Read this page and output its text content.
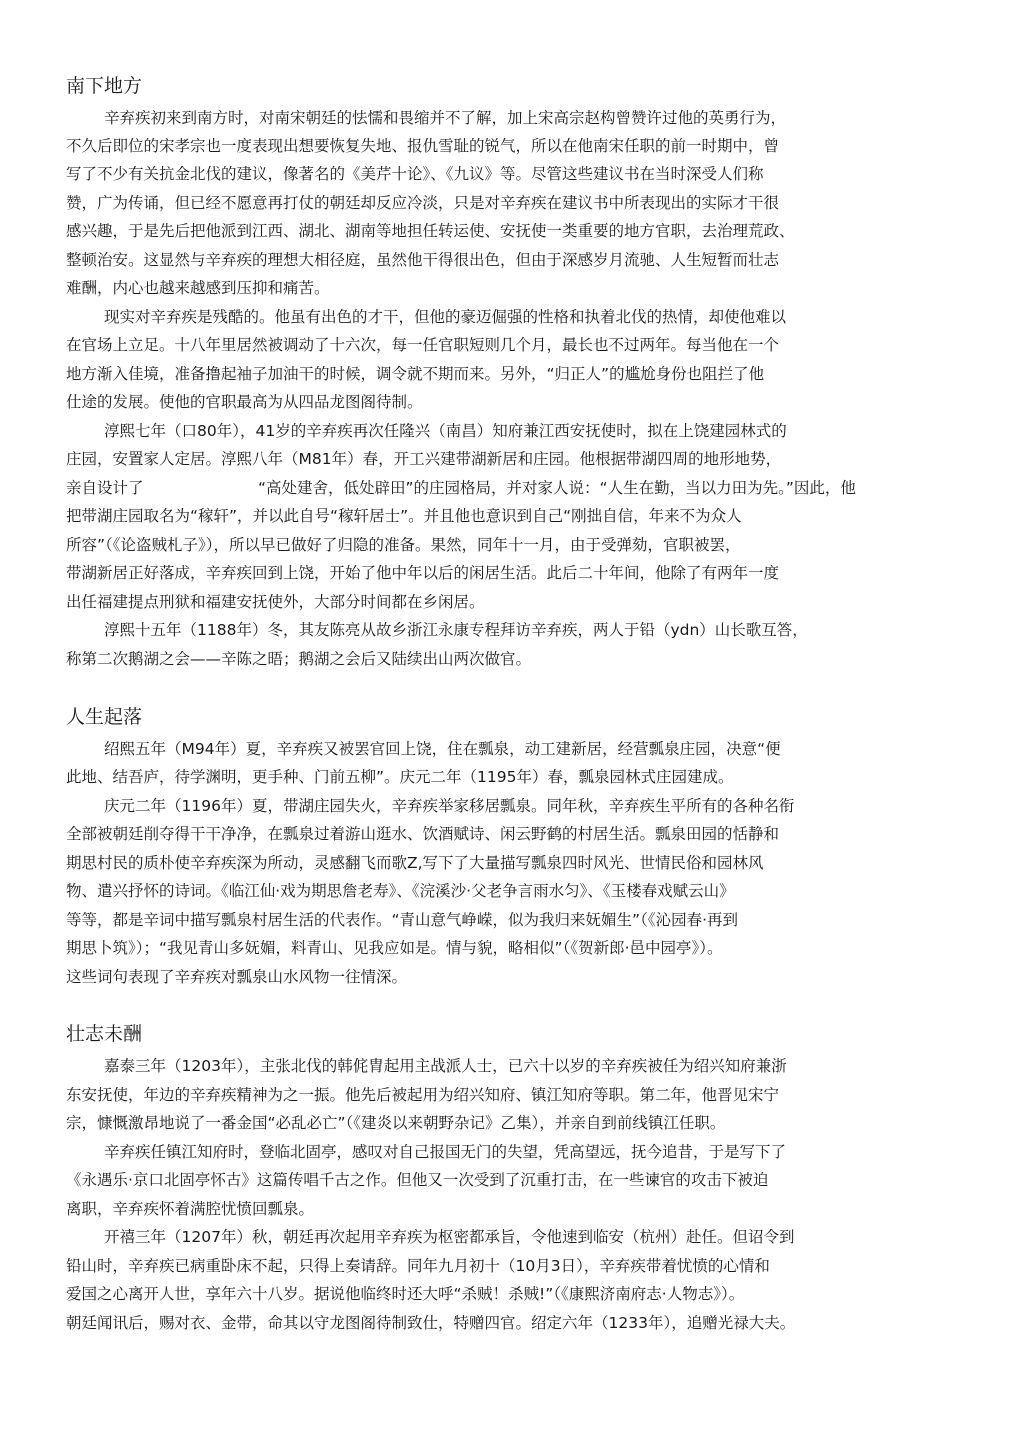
南下地方

辛弃疾初来到南方时，对南宋朝廷的怯懦和畏缩并不了解，加上宋高宗赵构曾赞许过他的英勇行为，

不久后即位的宋孝宗也一度表现出想要恢复失地、报仇雪耻的锐气，所以在他南宋任职的前一时期中，曾

写了不少有关抗金北伐的建议，像著名的《美芹十论》、《九议》等。尽管这些建议书在当时深受人们称

赞，广为传诵，但已经不愿意再打仗的朝廷却反应冷淡，只是对辛弃疾在建议书中所表现出的实际才干很

感兴趣，于是先后把他派到江西、湖北、湖南等地担任转运使、安抚使一类重要的地方官职，去治理荒政、

整顿治安。这显然与辛弃疾的理想大相径庭，虽然他干得很出色，但由于深感岁月流驰、人生短暂而壮志

难酬，内心也越来越感到压抑和痛苦。

现实对辛弃疾是残酷的。他虽有出色的才干，但他的豪迈倔强的性格和执着北伐的热情，却使他难以

在官场上立足。十八年里居然被调动了十六次，每一任官职短则几个月，最长也不过两年。每当他在一个

地方渐入佳境，准备撸起袖子加油干的时候，调令就不期而来。另外，“归正人”的尴尬身份也阻拦了他

仕途的发展。使他的官职最高为从四品龙图阁待制。

淳熙七年（口80年），41岁的辛弃疾再次任隆兴（南昌）知府兼江西安抚使时，拟在上饶建园林式的

庄园，安置家人定居。淳熙八年（M81年）春，开工兴建带湖新居和庄园。他根据带湖四周的地形地势，

亲自设计了	“高处建舍，低处辟田”的庄园格局，并对家人说：“人生在勤，当以力田为先。”因此，他

把带湖庄园取名为“稼轩”，并以此自号“稼轩居士”。并且他也意识到自己“刚拙自信，年来不为众人

所容”（《论盗贼札子》），所以早已做好了归隐的准备。果然，同年十一月，由于受弹劾，官职被罢，

带湖新居正好落成，辛弃疾回到上饶，开始了他中年以后的闲居生活。此后二十年间，他除了有两年一度

出任福建提点刑狱和福建安抚使外，大部分时间都在乡闲居。

淳熙十五年（1188年）冬，其友陈亮从故乡浙江永康专程拜访辛弃疾，两人于铅（ydn）山长歌互答，

称第二次鹅湖之会——辛陈之晤；鹅湖之会后又陆续出山两次做官。

人生起落

绍熙五年（M94年）夏，辛弃疾又被罢官回上饶，住在瓢泉，动工建新居，经营瓢泉庄园，决意“便

此地、结吾庐，待学渊明，更手种、门前五柳”。庆元二年（1195年）春，瓢泉园林式庄园建成。

庆元二年（1196年）夏，带湖庄园失火，辛弃疾举家移居瓢泉。同年秋，辛弃疾生平所有的各种名衔

全部被朝廷削夺得干干净净，在瓢泉过着游山逛水、饮酒赋诗、闲云野鹤的村居生活。瓢泉田园的恬静和

期思村民的质朴使辛弃疾深为所动，灵感翻飞而歌Z,写下了大量描写瓢泉四时风光、世情民俗和园林风

物、遣兴抒怀的诗词。《临江仙·戏为期思詹老寿》、《浣溪沙·父老争言雨水匀》、《玉楼春戏赋云山》

等等，都是辛词中描写瓢泉村居生活的代表作。“青山意气峥嵘，似为我归来妩媚生”（《沁园春·再到

期思卜筑》）；“我见青山多妩媚，料青山、见我应如是。情与貌，略相似”（《贺新郎·邑中园亭》）。

这些词句表现了辛弃疾对瓢泉山水风物一往情深。

壮志未酬

嘉泰三年（1203年），主张北伐的韩侂胄起用主战派人士，已六十以岁的辛弃疾被任为绍兴知府兼浙

东安抚使，年边的辛弃疾精神为之一振。他先后被起用为绍兴知府、镇江知府等职。第二年，他晋见宋宁

宗，慷慨激昂地说了一番金国“必乱必亡”（《建炎以来朝野杂记》乙集），并亲自到前线镇江任职。

辛弃疾任镇江知府时，登临北固亭，感叹对自己报国无门的失望，凭高望远，抚今追昔，于是写下了

《永遇乐·京口北固亭怀古》这篇传唱千古之作。但他又一次受到了沉重打击，在一些谏官的攻击下被迫

离职，辛弃疾怀着满腔忧愤回瓢泉。

开禧三年（1207年）秋，朝廷再次起用辛弃疾为枢密都承旨，令他速到临安（杭州）赴任。但诏令到

铅山时，辛弃疾已病重卧床不起，只得上奏请辞。同年九月初十（10月3日），辛弃疾带着忧愤的心情和

爱国之心离开人世，享年六十八岁。据说他临终时还大呼“杀贼！杀贼!”（《康熙济南府志·人物志》）。

朝廷闻讯后，赐对衣、金带，命其以守龙图阁待制致仕，特赠四官。绍定六年（1233年），追赠光禄大夫。
